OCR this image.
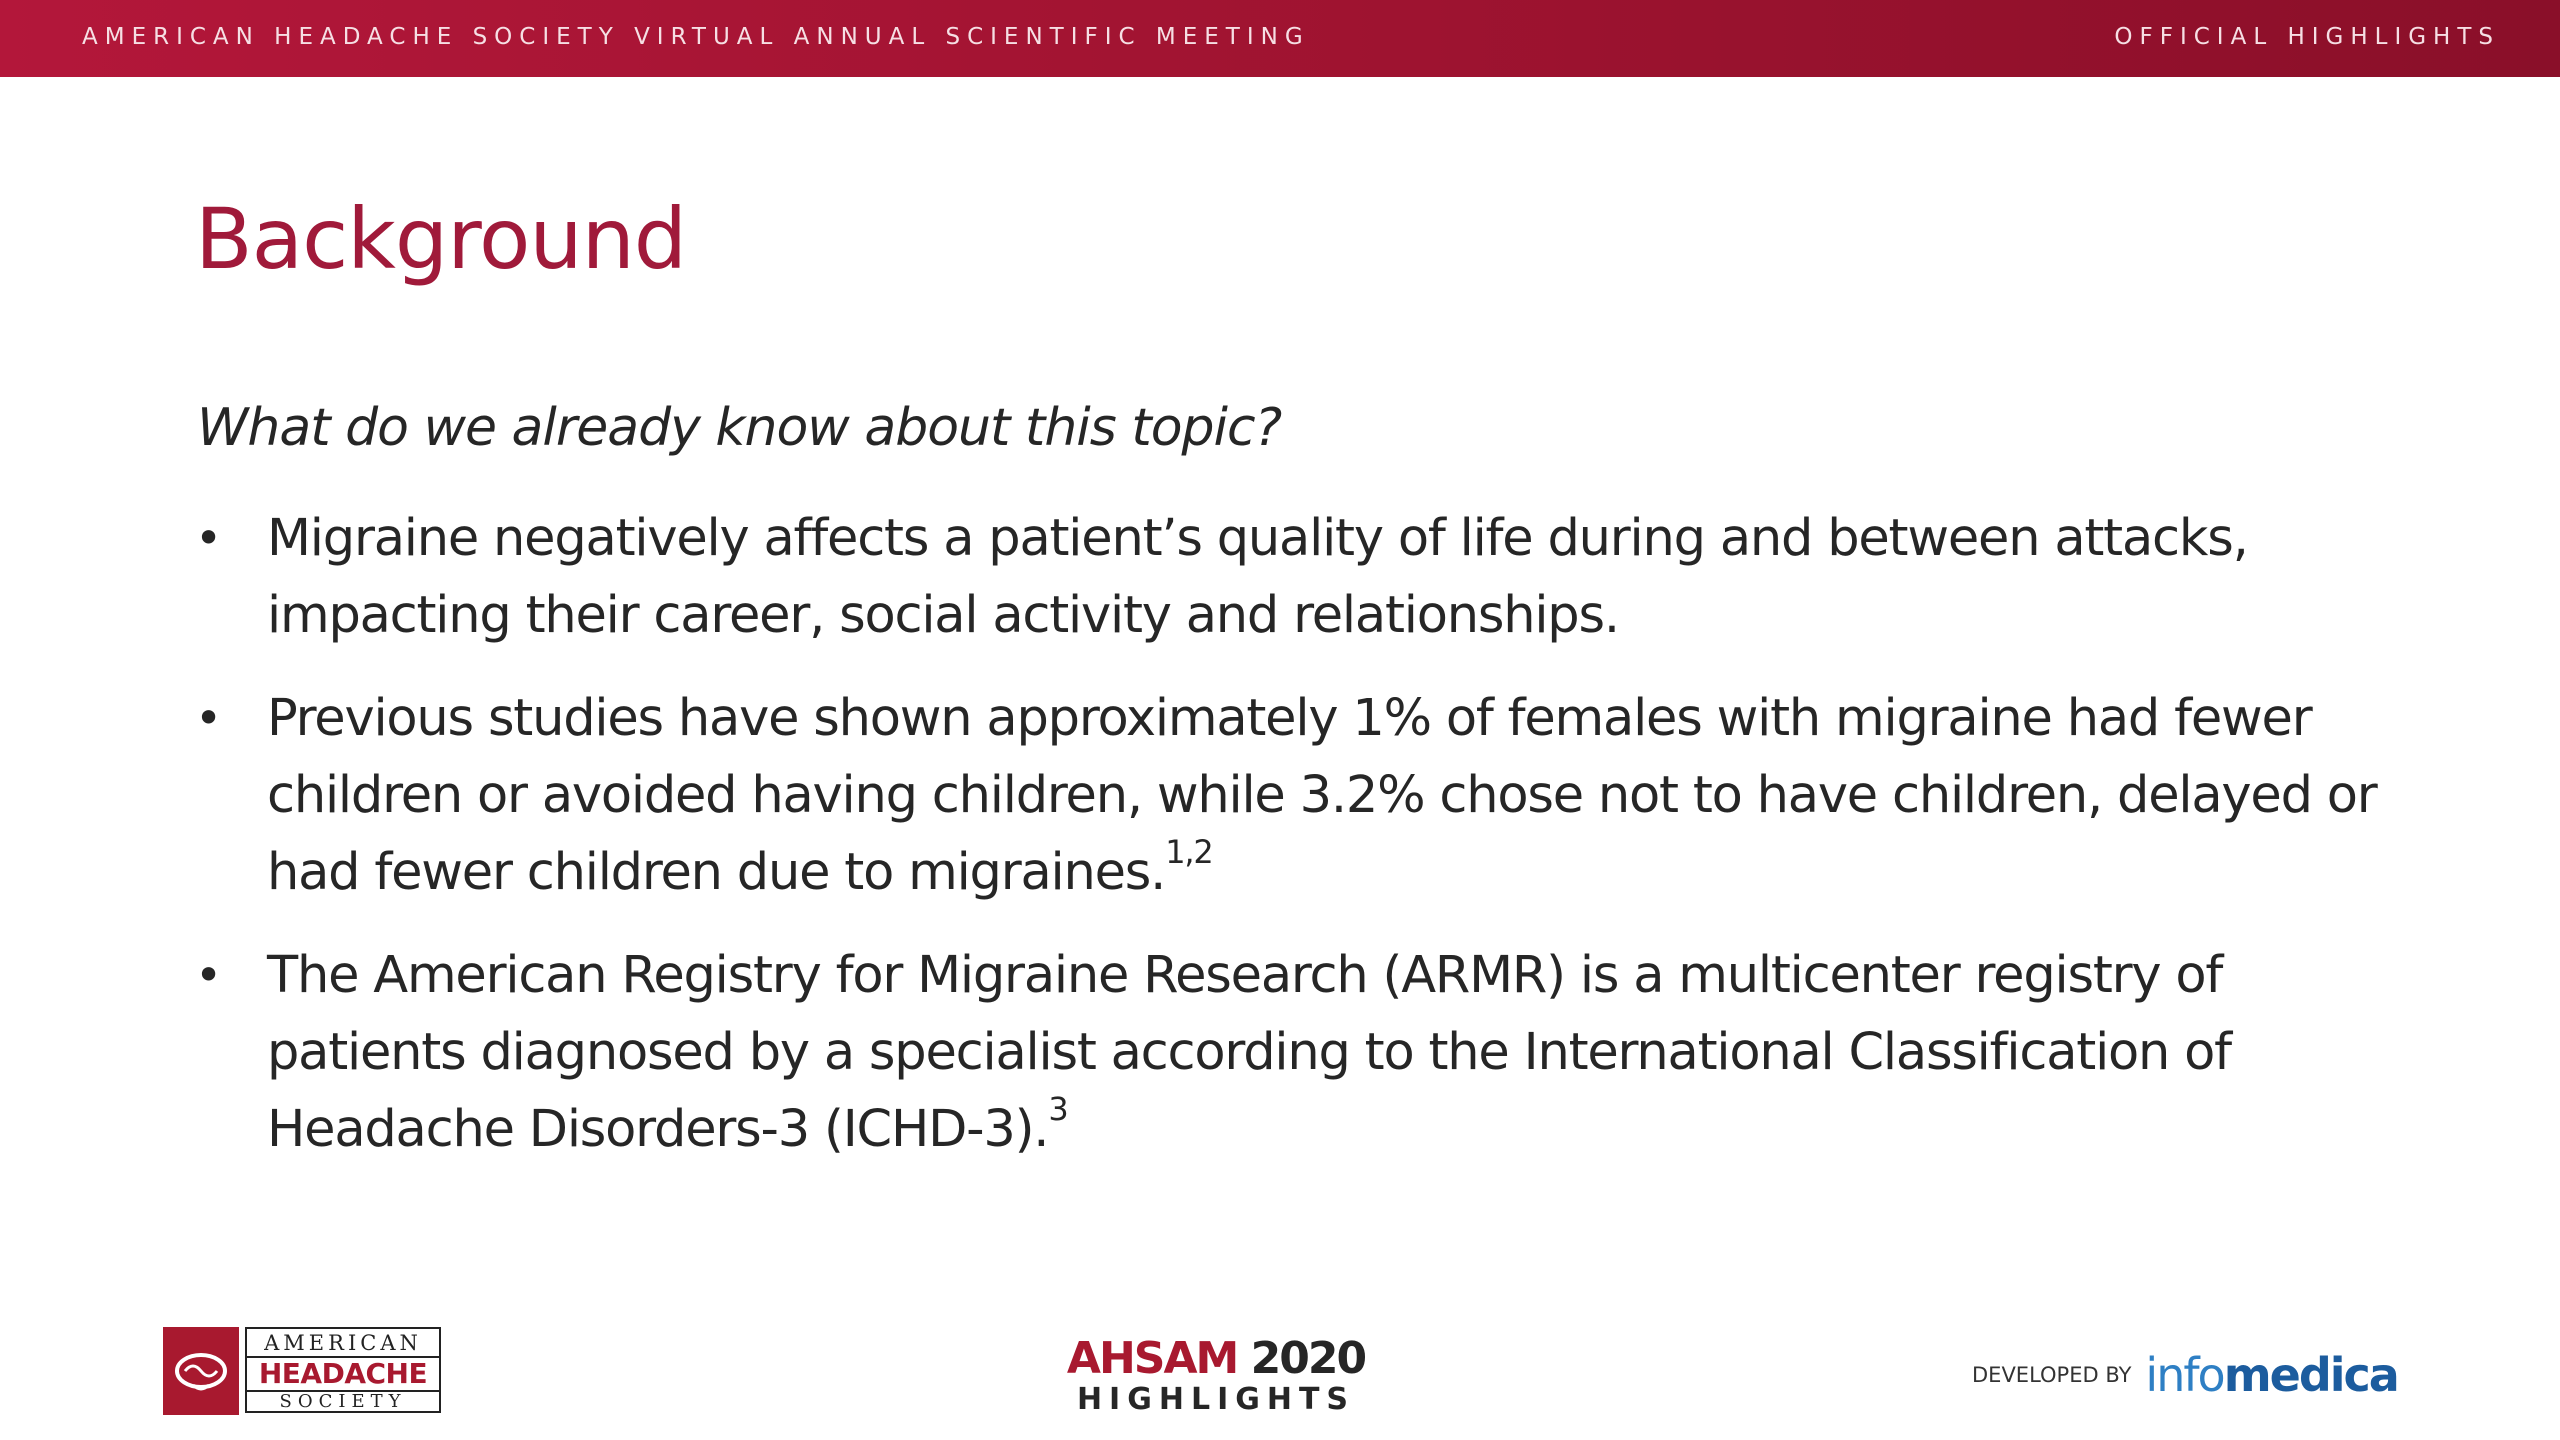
AMERICAN HEADACHE SOCIETY VIRTUAL ANNUAL SCIENTIFIC MEETING	OFFICIAL HIGHLIGHTS
Background

What do we already know about this topic?

• Migraine negatively affects a patient’s quality of life during and between attacks, impacting their career, social activity and relationships.
• Previous studies have shown approximately 1% of females with migraine had fewer children or avoided having children, while 3.2% chose not to have children, delayed or had fewer children due to migraines.$^{1,2}$
• The American Registry for Migraine Research (ARMR) is a multicenter registry of patients diagnosed by a specialist according to the International Classification of Headache Disorders-3 (ICHD-3).$^3$
AMERICAN
HEADACHE
SOCIETY
AHSAM 2020
HIGHLIGHTS
DEVELOPED BY infomedica
